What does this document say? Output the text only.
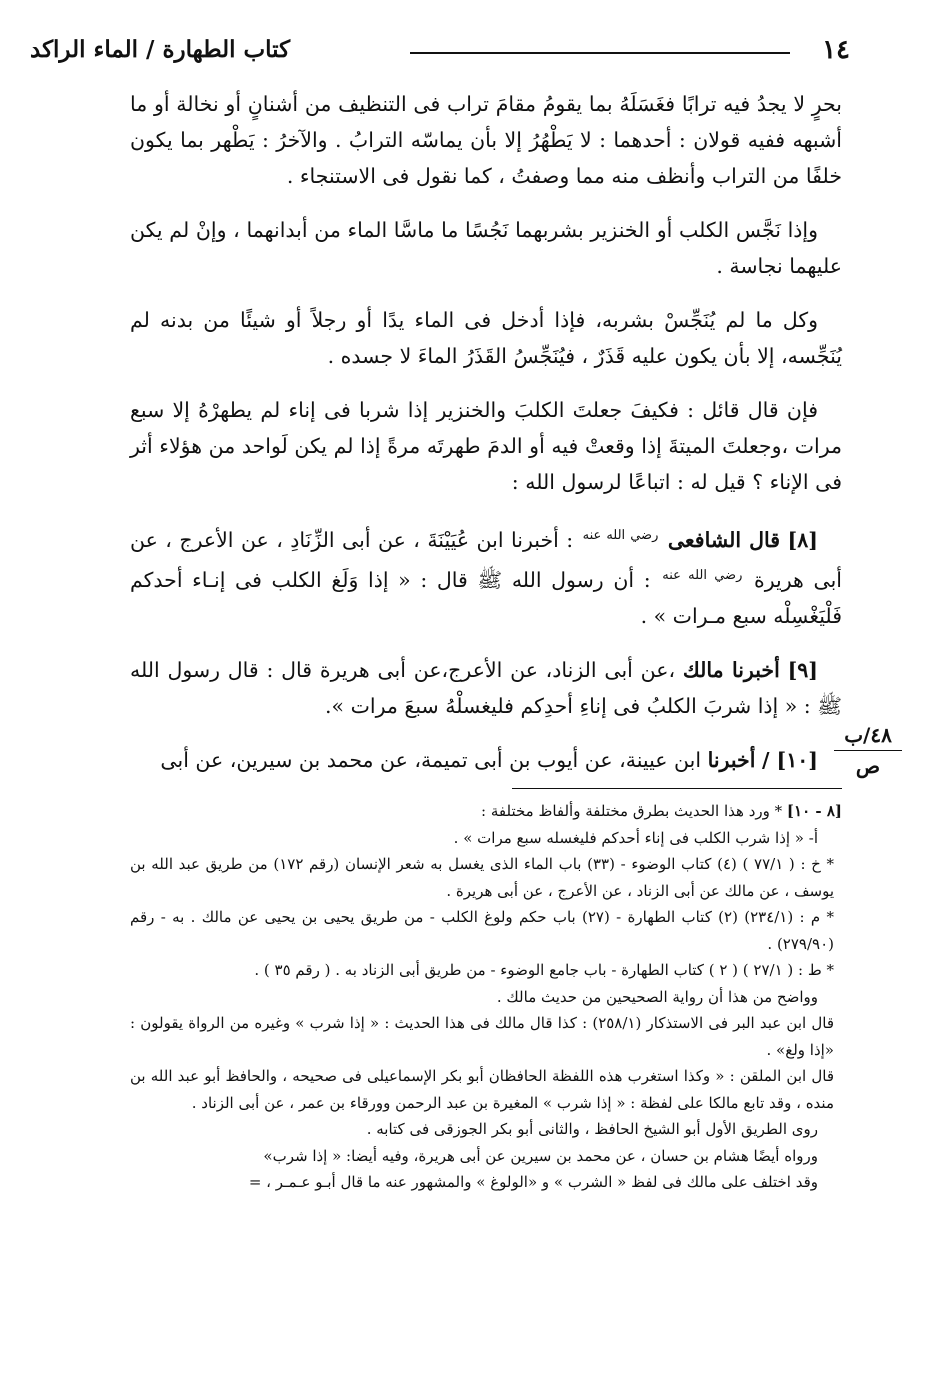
١٤
كتاب الطهارة / الماء الراكد

بحرٍ لا يجدُ فيه ترابًا فغَسَلَهُ بما يقومُ مقامَ تراب فى التنظيف من أشنانٍ أو نخالة أو ما أشبهه ففيه قولان : أحدهما : لا يَطْهُرُ إلا بأن يماسّه الترابُ . والآخرُ : يَطْهر بما يكون خلفًا من التراب وأنظف منه مما وصفتُ ، كما نقول فى الاستنجاء .

وإذا نَجَّس الكلب أو الخنزير بشربهما نَجُسًا ما ماسَّا الماء من أبدانهما ، وإنْ لم يكن عليهما نجاسة .

وكل ما لم يُنَجِّسْ بشربه، فإذا أدخل فى الماء يدًا أو رجلاً أو شيئًا من بدنه لم يُنَجِّسه، إلا بأن يكون عليه قَذَرٌ ، فيُنَجِّسُ القَذَرُ الماءَ لا جسده .

فإن قال قائل : فكيفَ جعلتَ الكلبَ والخنزير إذا شربا فى إناء لم يطهرْهُ إلا سبع مرات ،وجعلتَ الميتةَ إذا وقعتْ فيه أو الدمَ طهرتَه مرةً إذا لم يكن لَواحد من هؤلاء أثر فى الإناء ؟ قيل له : اتباعًا لرسول الله :

[٨] قال الشافعى $^{رضي الله عنه}$ : أخبرنا ابن عُيَيْنَةَ ، عن أبى الزِّنَادِ ، عن الأعرج ، عن أبى هريرة $^{رضي الله عنه}$ : أن رسول الله ﷺ قال : « إذا وَلَغ الكلب فى إنـاء أحدكم فَلْيَغْسِلْه سبع مـرات » .

[٩] أخبرنا مالك ،عن أبى الزناد، عن الأعرج،عن أبى هريرة قال : قال رسول الله ﷺ : « إذا شربَ الكلبُ فى إناءِ أحدِكم فليغسلْهُ سبعَ مرات ».

[١٠] / أخبرنا ابن عيينة، عن أيوب بن أبى تميمة، عن محمد بن سيرين، عن أبى

٤٨/ب
ص

[٨ - ١٠] * ورد هذا الحديث بطرق مختلفة وألفاظ مختلفة :

أ- « إذا شرب الكلب فى إناء أحدكم فليغسله سبع مرات » .

* خ : ( ٧٧/١ ) (٤) كتاب الوضوء - (٣٣) باب الماء الذى يغسل به شعر الإنسان (رقم ١٧٢) من طريق عبد الله بن يوسف ، عن مالك عن أبى الزناد ، عن الأعرج ، عن أبى هريرة .

* م : (٢٣٤/١) (٢) كتاب الطهارة - (٢٧) باب حكم ولوغ الكلب - من طريق يحيى بن يحيى عن مالك . به - رقم (٢٧٩/٩٠) .

* ط : ( ٢٧/١ ) ( ٢ ) كتاب الطهارة - باب جامع الوضوء - من طريق أبى الزناد به . ( رقم ٣٥ ) .

وواضح من هذا أن رواية الصحيحين من حديث مالك .

قال ابن عبد البر فى الاستذكار (٢٥٨/١) : كذا قال مالك فى هذا الحديث : « إذا شرب » وغيره من الرواة يقولون : «إذا ولغ» .

قال ابن الملقن : « وكذا استغرب هذه اللفظة الحافظان أبو بكر الإسماعيلى فى صحيحه ، والحافظ أبو عبد الله بن منده ، وقد تابع مالكا على لفظة : « إذا شرب » المغيرة بن عبد الرحمن وورقاء بن عمر ، عن أبى الزناد .

روى الطريق الأول أبو الشيخ الحافظ ، والثانى أبو بكر الجوزقى فى كتابه .

ورواه أيضًا هشام بن حسان ، عن محمد بن سيرين عن أبى هريرة، وفيه أيضا: « إذا شرب»

وقد اختلف على مالك فى لفظ « الشرب » و «الولوغ » والمشهور عنه ما قال أبـو عـمـر ، =
